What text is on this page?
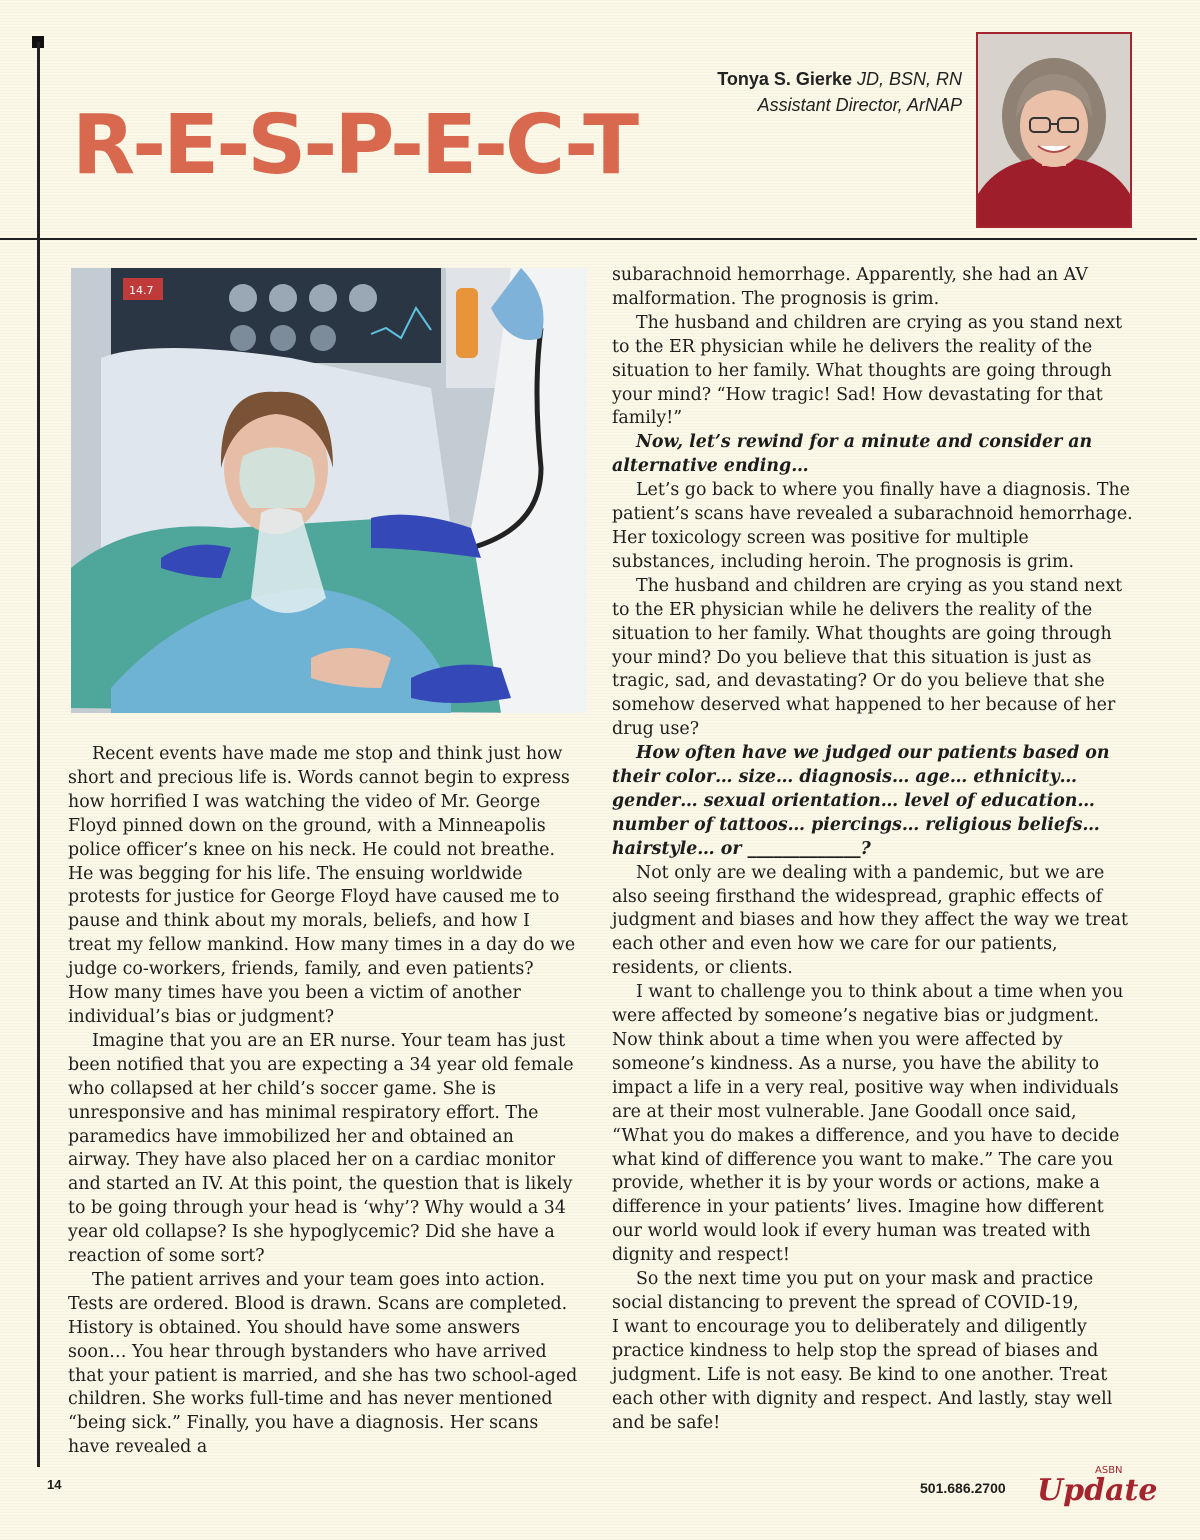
R-E-S-P-E-C-T
Tonya S. Gierke JD, BSN, RN
Assistant Director, ArNAP
14.7

Recent events have made me stop and think just how short and precious life is. Words cannot begin to express how horrified I was watching the video of Mr. George Floyd pinned down on the ground, with a Minneapolis police officer’s knee on his neck. He could not breathe. He was begging for his life. The ensuing worldwide protests for justice for George Floyd have caused me to pause and think about my morals, beliefs, and how I treat my fellow mankind. How many times in a day do we judge co-workers, friends, family, and even patients? How many times have you been a victim of another individual’s bias or judgment?

Imagine that you are an ER nurse. Your team has just been notified that you are expecting a 34 year old female who collapsed at her child’s soccer game. She is unresponsive and has minimal respiratory effort. The paramedics have immobilized her and obtained an airway. They have also placed her on a cardiac monitor and started an IV. At this point, the question that is likely to be going through your head is ‘why’? Why would a 34 year old collapse? Is she hypoglycemic? Did she have a reaction of some sort?

The patient arrives and your team goes into action. Tests are ordered. Blood is drawn. Scans are completed. History is obtained. You should have some answers soon… You hear through bystanders who have arrived that your patient is married, and she has two school-aged children. She works full-time and has never mentioned “being sick.” Finally, you have a diagnosis. Her scans have revealed a

subarachnoid hemorrhage. Apparently, she had an AV malformation. The prognosis is grim.

The husband and children are crying as you stand next to the ER physician while he delivers the reality of the situation to her family. What thoughts are going through your mind? “How tragic! Sad! How devastating for that family!”

Now, let’s rewind for a minute and consider an alternative ending…

Let’s go back to where you finally have a diagnosis. The patient’s scans have revealed a subarachnoid hemorrhage. Her toxicology screen was positive for multiple substances, including heroin. The prognosis is grim.

The husband and children are crying as you stand next to the ER physician while he delivers the reality of the situation to her family. What thoughts are going through your mind? Do you believe that this situation is just as tragic, sad, and devastating? Or do you believe that she somehow deserved what happened to her because of her drug use?

How often have we judged our patients based on their color… size… diagnosis… age… ethnicity… gender… sexual orientation… level of education… number of tattoos… piercings… religious beliefs… hairstyle… or _____________?

Not only are we dealing with a pandemic, but we are also seeing firsthand the widespread, graphic effects of judgment and biases and how they affect the way we treat each other and even how we care for our patients, residents, or clients.

I want to challenge you to think about a time when you were affected by someone’s negative bias or judgment. Now think about a time when you were affected by someone’s kindness. As a nurse, you have the ability to impact a life in a very real, positive way when individuals are at their most vulnerable. Jane Goodall once said, “What you do makes a difference, and you have to decide what kind of difference you want to make.” The care you provide, whether it is by your words or actions, make a difference in your patients’ lives. Imagine how different our world would look if every human was treated with dignity and respect!

So the next time you put on your mask and practice social distancing to prevent the spread of COVID-19,

I want to encourage you to deliberately and diligently practice kindness to help stop the spread of biases and judgment. Life is not easy. Be kind to one another. Treat each other with dignity and respect. And lastly, stay well and be safe!

14	501.686.2700
ASBN
Update
